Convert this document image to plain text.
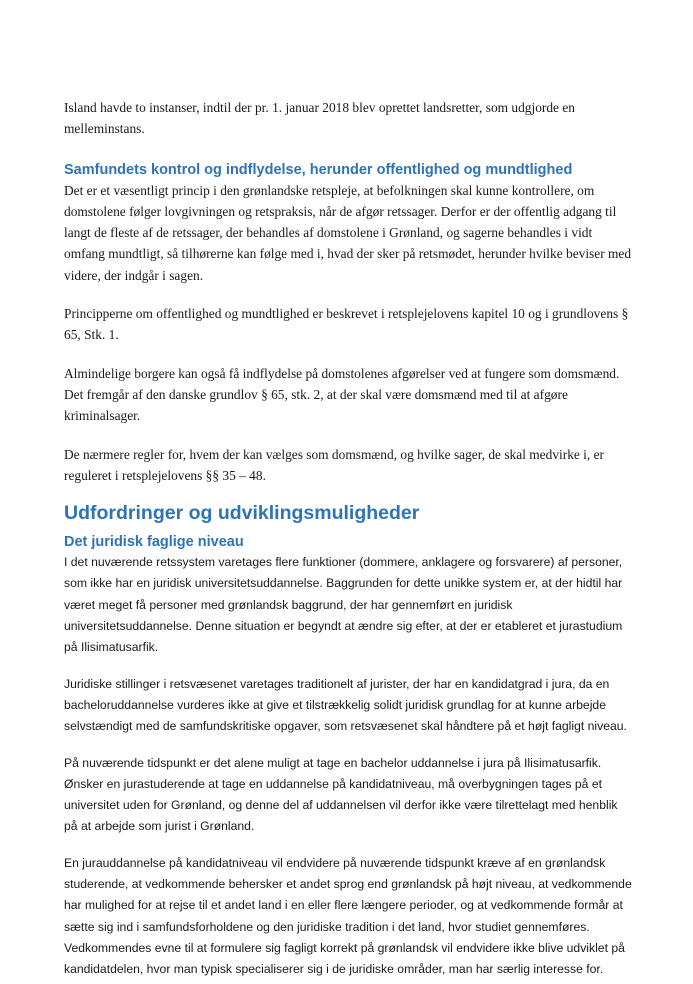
Island havde to instanser, indtil der pr. 1. januar 2018 blev oprettet landsretter, som udgjorde en melleminstans.

Samfundets kontrol og indflydelse, herunder offentlighed og mundtlighed

Det er et væsentligt princip i den grønlandske retspleje, at befolkningen skal kunne kontrollere, om domstolene følger lovgivningen og retspraksis, når de afgør retssager. Derfor er der offentlig adgang til langt de fleste af de retssager, der behandles af domstolene i Grønland, og sagerne behandles i vidt omfang mundtligt, så tilhørerne kan følge med i, hvad der sker på retsmødet, herunder hvilke beviser med videre, der indgår i sagen.

Principperne om offentlighed og mundtlighed er beskrevet i retsplejelovens kapitel 10 og i grundlovens § 65, Stk. 1.

Almindelige borgere kan også få indflydelse på domstolenes afgørelser ved at fungere som domsmænd. Det fremgår af den danske grundlov § 65, stk. 2, at der skal være domsmænd med til at afgøre kriminalsager.

De nærmere regler for, hvem der kan vælges som domsmænd, og hvilke sager, de skal medvirke i, er reguleret i retsplejelovens §§ 35 – 48.

Udfordringer og udviklingsmuligheder
Det juridisk faglige niveau

I det nuværende retssystem varetages flere funktioner (dommere, anklagere og forsvarere) af personer, som ikke har en juridisk universitetsuddannelse. Baggrunden for dette unikke system er, at der hidtil har været meget få personer med grønlandsk baggrund, der har gennemført en juridisk universitetsuddannelse. Denne situation er begyndt at ændre sig efter, at der er etableret et jurastudium på Ilisimatusarfik.

Juridiske stillinger i retsvæsenet varetages traditionelt af jurister, der har en kandidatgrad i jura, da en bacheloruddannelse vurderes ikke at give et tilstrækkelig solidt juridisk grundlag for at kunne arbejde selvstændigt med de samfundskritiske opgaver, som retsvæsenet skal håndtere på et højt fagligt niveau.

På nuværende tidspunkt er det alene muligt at tage en bachelor uddannelse i jura på Ilisimatusarfik. Ønsker en jurastuderende at tage en uddannelse på kandidatniveau, må overbygningen tages på et universitet uden for Grønland, og denne del af uddannelsen vil derfor ikke være tilrettelagt med henblik på at arbejde som jurist i Grønland.

En jurauddannelse på kandidatniveau vil endvidere på nuværende tidspunkt kræve af en grønlandsk studerende, at vedkommende behersker et andet sprog end grønlandsk på højt niveau, at vedkommende har mulighed for at rejse til et andet land i en eller flere længere perioder, og at vedkommende formår at sætte sig ind i samfundsforholdene og den juridiske tradition i det land, hvor studiet gennemføres. Vedkommendes evne til at formulere sig fagligt korrekt på grønlandsk vil endvidere ikke blive udviklet på kandidatdelen, hvor man typisk specialiserer sig i de juridiske områder, man har særlig interesse for.
